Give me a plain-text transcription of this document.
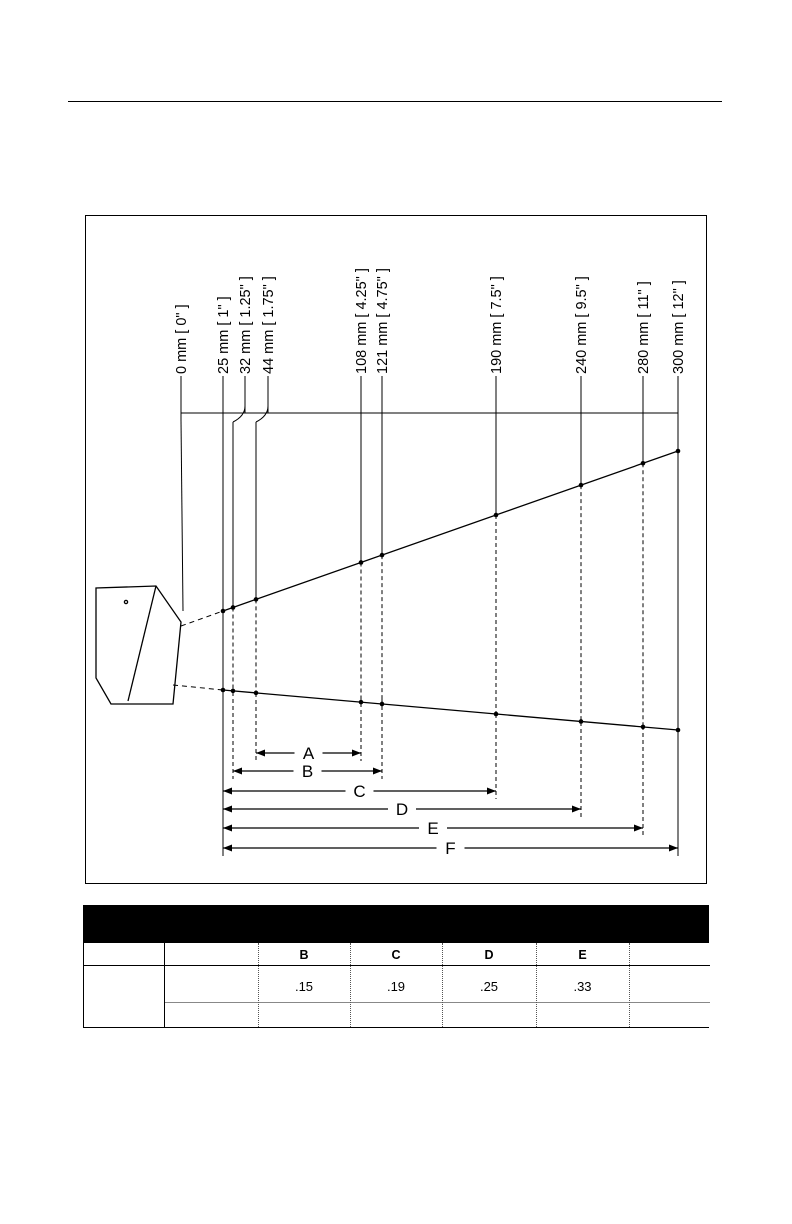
0 mm [ 0" ] 25 mm [ 1" ] 32 mm [ 1.25" ] 44 mm [ 1.75" ]	108 mm [ 4.25" ] 121 mm [ 4.75" ]	190 mm [ 7.5" ]	240 mm [ 9.5" ]	280 mm [ 11" ] 300 mm [ 12" ]
A
B
C
D
E
F
B	C	D	E
.15	.19	.25	.33
